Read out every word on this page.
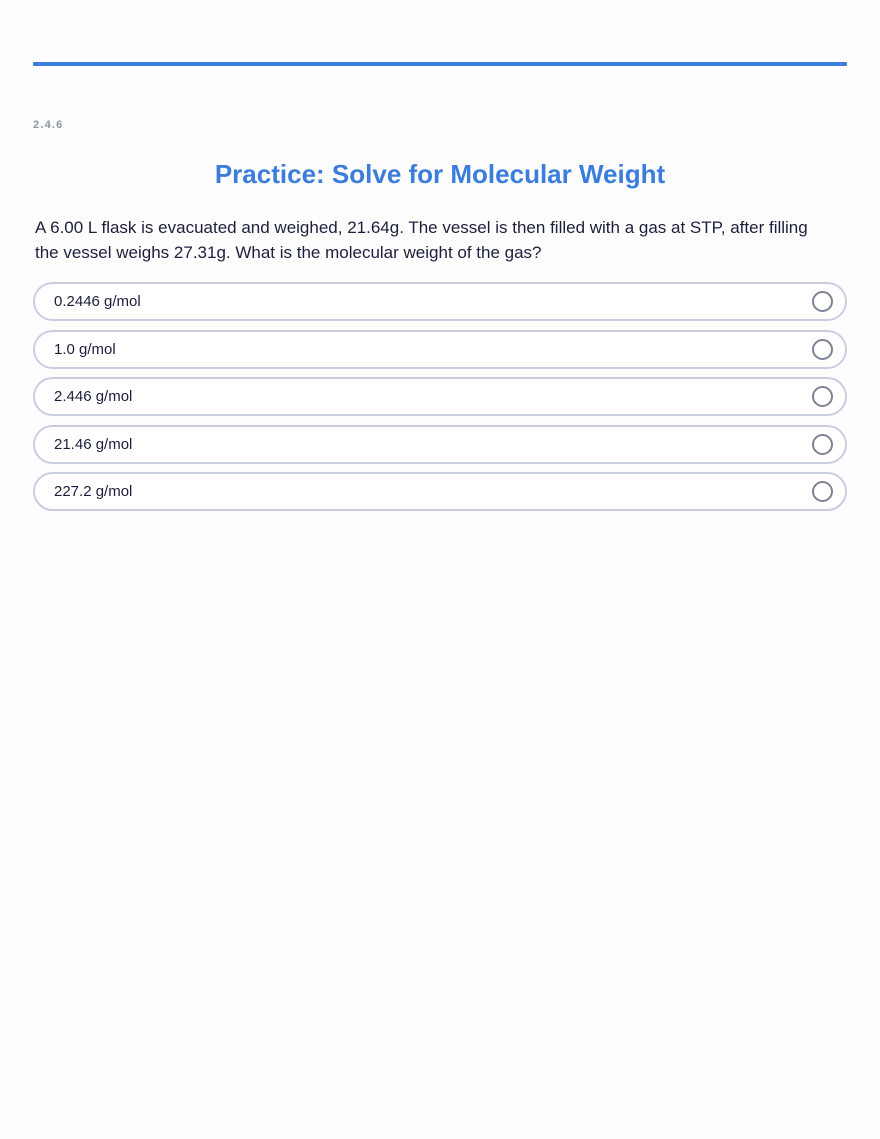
2.4.6
Practice: Solve for Molecular Weight

A 6.00 L flask is evacuated and weighed, 21.64g. The vessel is then filled with a gas at STP, after filling the vessel weighs 27.31g. What is the molecular weight of the gas?

0.2446 g/mol
1.0 g/mol
2.446 g/mol
21.46 g/mol
227.2 g/mol
